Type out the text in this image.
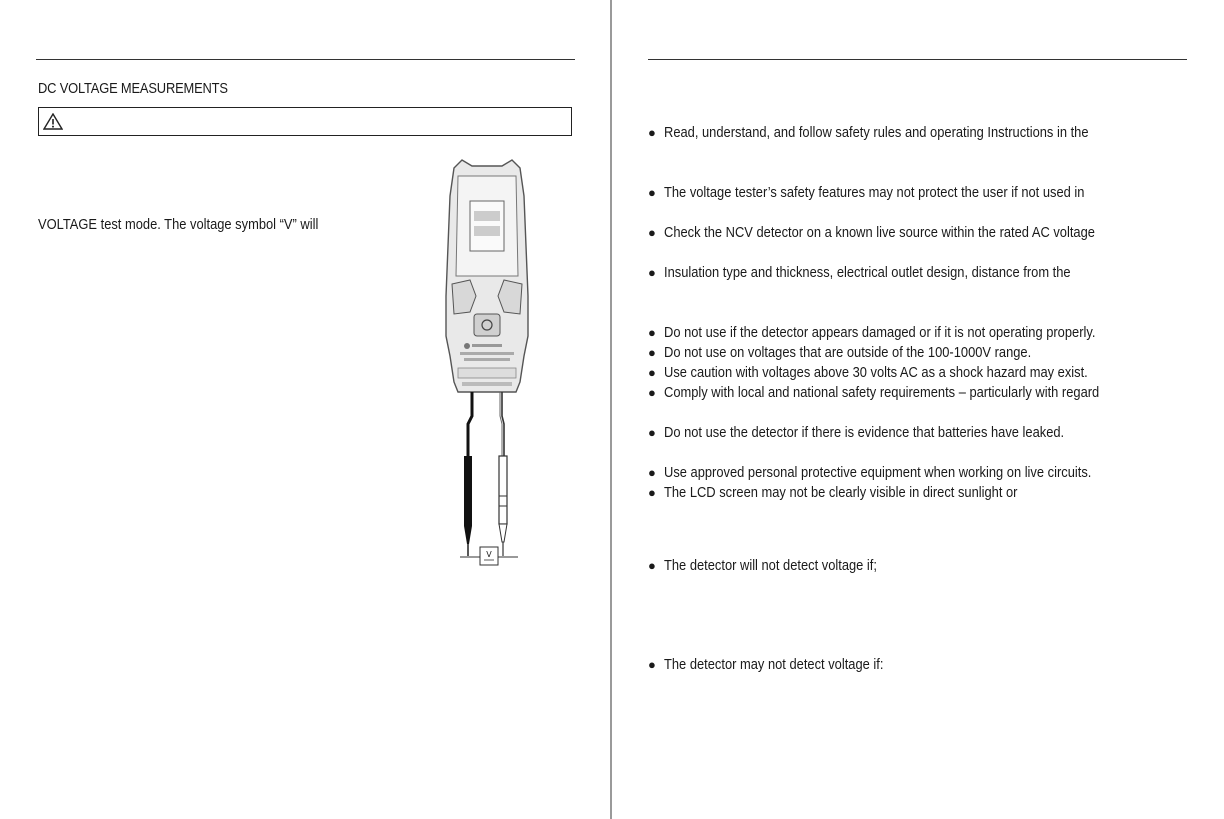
DC VOLTAGE MEASUREMENTS
VOLTAGE test mode. The voltage symbol “V” will
V
● Read, understand, and follow safety rules and operating Instructions in the
● The voltage tester’s safety features may not protect the user if not used in
● Check the NCV detector on a known live source within the rated AC voltage
● Insulation type and thickness, electrical outlet design, distance from the
● Do not use if the detector appears damaged or if it is not operating properly.
● Do not use on voltages that are outside of the 100-1000V range.
● Use caution with voltages above 30 volts AC as a shock hazard may exist.
● Comply with local and national safety requirements – particularly with regard
● Do not use the detector if there is evidence that batteries have leaked.
● Use approved personal protective equipment when working on live circuits.
● The LCD screen may not be clearly visible in direct sunlight or
● The detector will not detect voltage if;
● The detector may not detect voltage if:
